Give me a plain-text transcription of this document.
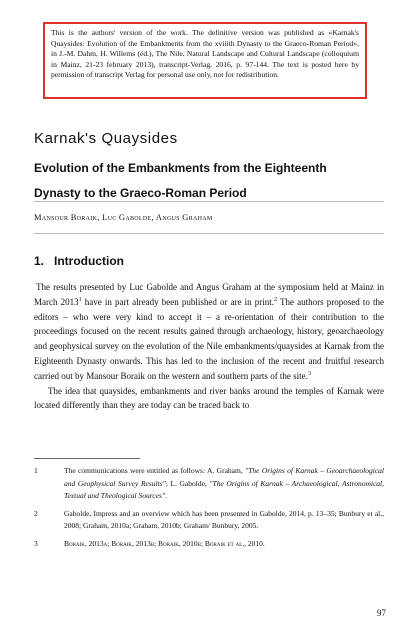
This is the authors' version of the work. The definitive version was published as «Karnak's Quaysides: Evolution of the Embankments from the xviiith Dynasty to the Graeco-Roman Period», in J.-M. Dahm, H. Willems (éd.), The Nile. Natural Landscape and Cultural Landscape (colloquium in Mainz, 21-23 february 2013), transcript-Verlag, 2016, p. 97-144. The text is posted here by permission of transcript Verlag for personal use only, not for redistribution.
Karnak's Quaysides
Evolution of the Embankments from the Eighteenth Dynasty to the Graeco-Roman Period
Mansour Boraik, Luc Gabolde, Angus Graham
1. Introduction

The results presented by Luc Gabolde and Angus Graham at the symposium held at Mainz in March 2013$^1$ have in part already been published or are in print.$^2$ The authors proposed to the editors – who were very kind to accept it – a re-orientation of their contribution to the proceedings focused on the recent results gained through archaeology, history, geoarchaeology and geophysical survey on the evolution of the Nile embankments/quaysides at Karnak from the Eighteenth Dynasty onwards. This has led to the inclusion of the recent and fruitful research carried out by Mansour Boraik on the western and southern parts of the site.$^3$

The idea that quaysides, embankments and river banks around the temples of Karnak were located differently than they are today can be traced back to

1	The communications were entitled as follows: A. Graham, "The Origins of Karnak – Geoarchaeological and Geophysical Survey Results"; L. Gabolde, "The Origins of Karnak – Archaeological, Astronomical, Textual and Theological Sources".
2	Gabolde, Impress and an overview which has been presented in Gabolde, 2014, p. 13–35; Bunbury et al., 2008; Graham, 2010a; Graham, 2010b; Graham/ Bunbury, 2005.
3	Boraik, 2013a; Boraik, 2013b; Boraik, 2010b; Boraik et al., 2010.
97
